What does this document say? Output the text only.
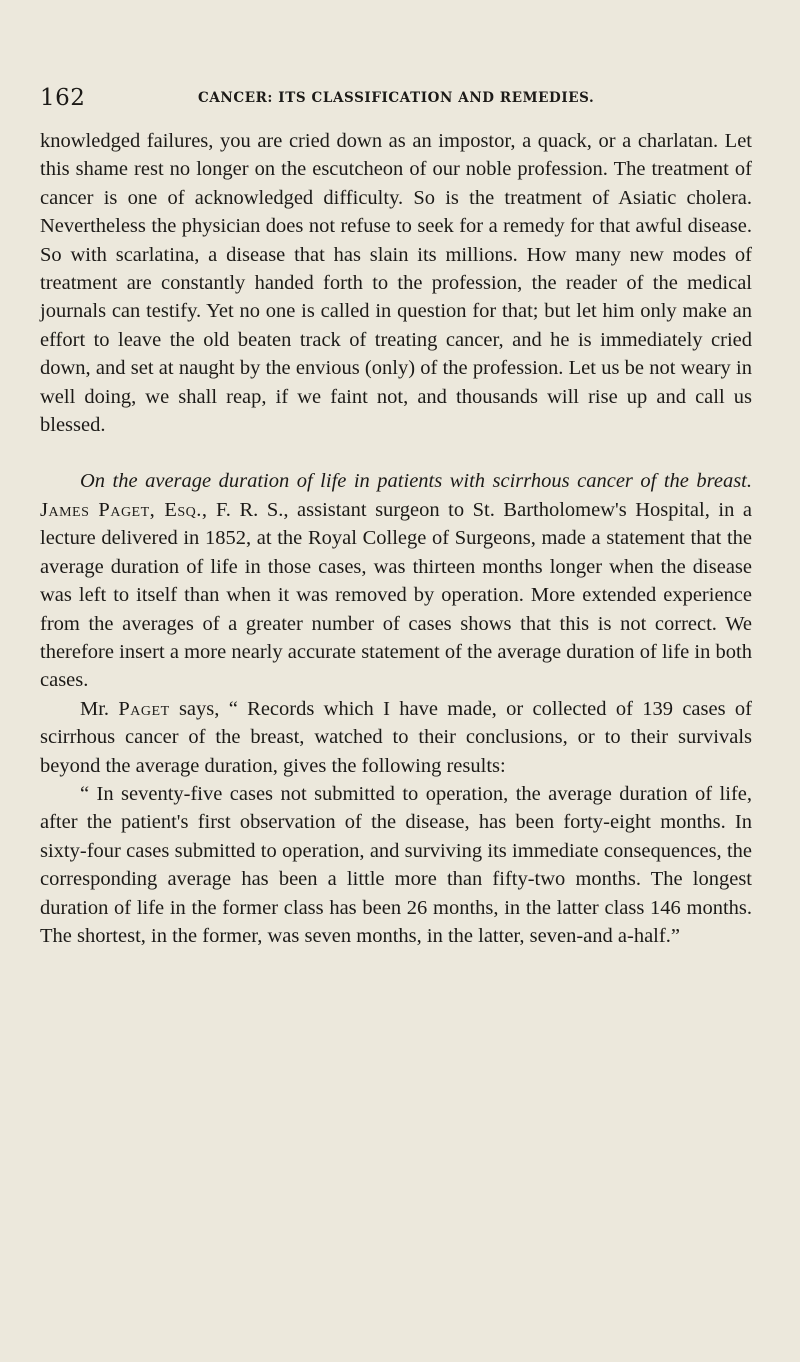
162	CANCER: ITS CLASSIFICATION AND REMEDIES.

knowledged failures, you are cried down as an impostor, a quack, or a charlatan. Let this shame rest no longer on the escutcheon of our noble profession. The treatment of cancer is one of acknowledged difficulty. So is the treatment of Asiatic cholera. Nevertheless the physician does not refuse to seek for a remedy for that awful disease. So with scarlatina, a disease that has slain its millions. How many new modes of treatment are constantly handed forth to the profession, the reader of the medical journals can testify. Yet no one is called in question for that; but let him only make an effort to leave the old beaten track of treating cancer, and he is immediately cried down, and set at naught by the envious (only) of the profession. Let us be not weary in well doing, we shall reap, if we faint not, and thousands will rise up and call us blessed.

On the average duration of life in patients with scirrhous cancer of the breast. James Paget, Esq., F. R. S., assistant surgeon to St. Bartholomew's Hospital, in a lecture delivered in 1852, at the Royal College of Surgeons, made a statement that the average duration of life in those cases, was thirteen months longer when the disease was left to itself than when it was removed by operation. More extended experience from the averages of a greater number of cases shows that this is not correct. We therefore insert a more nearly accurate statement of the average duration of life in both cases.

Mr. Paget says, “ Records which I have made, or collected of 139 cases of scirrhous cancer of the breast, watched to their conclusions, or to their survivals beyond the average duration, gives the following results:

“ In seventy-five cases not submitted to operation, the average duration of life, after the patient's first observation of the disease, has been forty-eight months. In sixty-four cases submitted to operation, and surviving its immediate consequences, the corresponding average has been a little more than fifty-two months. The longest duration of life in the former class has been 26 months, in the latter class 146 months. The shortest, in the former, was seven months, in the latter, seven-and a-half.”
